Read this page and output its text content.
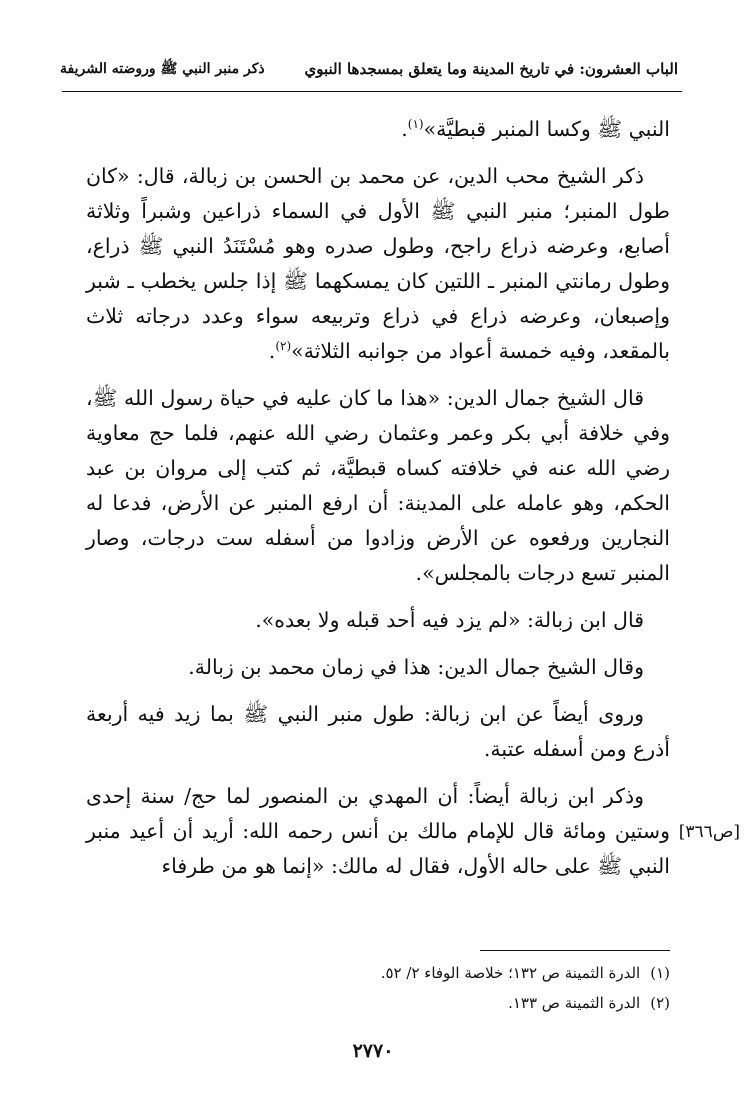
الباب العشرون: في تاريخ المدينة وما يتعلق بمسجدها النبوي
ذكر منبر النبي ﷺ وروضته الشريفة

النبي ﷺ وكسا المنبر قبطيَّة»$^{(١)}$.

ذكر الشيخ محب الدين، عن محمد بن الحسن بن زبالة، قال: «كان طول المنبر؛ منبر النبي ﷺ الأول في السماء ذراعين وشبراً وثلاثة أصابع، وعرضه ذراع راجح، وطول صدره وهو مُسْتَنَدُ النبي ﷺ ذراع، وطول رمانتي المنبر ـ اللتين كان يمسكهما ﷺ إذا جلس يخطب ـ شبر وإصبعان، وعرضه ذراع في ذراع وتربيعه سواء وعدد درجاته ثلاث بالمقعد، وفيه خمسة أعواد من جوانبه الثلاثة»$^{(٢)}$.

قال الشيخ جمال الدين: «هذا ما كان عليه في حياة رسول الله ﷺ، وفي خلافة أبي بكر وعمر وعثمان رضي الله عنهم، فلما حج معاوية رضي الله عنه في خلافته كساه قبطيَّة، ثم كتب إلى مروان بن عبد الحكم، وهو عامله على المدينة: أن ارفع المنبر عن الأرض، فدعا له النجارين ورفعوه عن الأرض وزادوا من أسفله ست درجات، وصار المنبر تسع درجات بالمجلس».

قال ابن زبالة: «لم يزد فيه أحد قبله ولا بعده».

وقال الشيخ جمال الدين: هذا في زمان محمد بن زبالة.

وروى أيضاً عن ابن زبالة: طول منبر النبي ﷺ بما زيد فيه أربعة أذرع ومن أسفله عتبة.

وذكر ابن زبالة أيضاً: أن المهدي بن المنصور لما حج/ سنة إحدى وستين ومائة قال للإمام مالك بن أنس رحمه الله: أريد أن أعيد منبر النبي ﷺ على حاله الأول، فقال له مالك: «إنما هو من طرفاء

[ص٣٦٦]

(١)الدرة الثمينة ص ١٣٢؛ خلاصة الوفاء ٢/ ٥٢.

(٢)الدرة الثمينة ص ١٣٣.

٢٧٧٠
